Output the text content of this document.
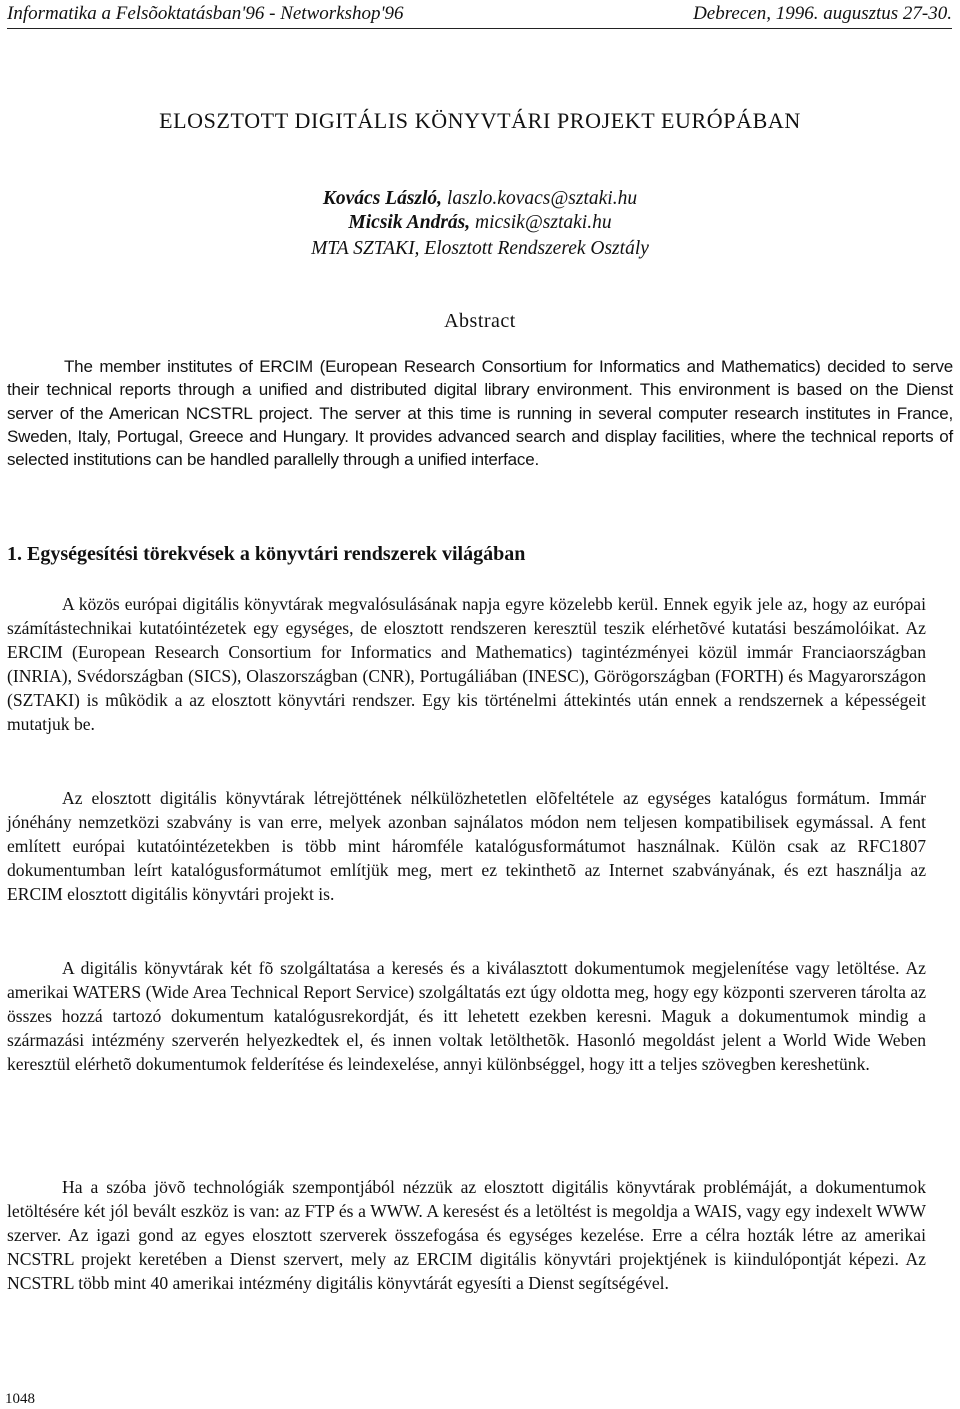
Informatika a Felsõoktatásban'96 - Networkshop'96	Debrecen, 1996. augusztus 27-30.
ELOSZTOTT DIGITÁLIS KÖNYVTÁRI PROJEKT EURÓPÁBAN
Kovács László, laszlo.kovacs@sztaki.hu
Micsik András, micsik@sztaki.hu
MTA SZTAKI, Elosztott Rendszerek Osztály
Abstract
The member institutes of ERCIM (European Research Consortium for Informatics and Mathematics) decided to serve their technical reports through a unified and distributed digital library environment. This environment is based on the Dienst server of the American NCSTRL project. The server at this time is running in several computer research institutes in France, Sweden, Italy, Portugal, Greece and Hungary. It provides advanced search and display facilities, where the technical reports of selected institutions can be handled parallelly through a unified interface.
1. Egységesítési törekvések a könyvtári rendszerek világában

A közös európai digitális könyvtárak megvalósulásának napja egyre közelebb kerül. Ennek egyik jele az, hogy az európai számítástechnikai kutatóintézetek egy egységes, de elosztott rendszeren keresztül teszik elérhetõvé kutatási beszámolóikat. Az ERCIM (European Research Consortium for Informatics and Mathematics) tagintézményei közül immár Franciaországban (INRIA), Svédországban (SICS), Olaszországban (CNR), Portugáliában (INESC), Görögországban (FORTH) és Magyarországon (SZTAKI) is mûködik a az elosztott könyvtári rendszer. Egy kis történelmi áttekintés után ennek a rendszernek a képességeit mutatjuk be.

Az elosztott digitális könyvtárak létrejöttének nélkülözhetetlen elõfeltétele az egységes katalógus formátum. Immár jónéhány nemzetközi szabvány is van erre, melyek azonban sajnálatos módon nem teljesen kompatibilisek egymással. A fent említett európai kutatóintézetekben is több mint háromféle katalógusformátumot használnak. Külön csak az RFC1807 dokumentumban leírt katalógusformátumot említjük meg, mert ez tekinthetõ az Internet szabványának, és ezt használja az ERCIM elosztott digitális könyvtári projekt is.

A digitális könyvtárak két fõ szolgáltatása a keresés és a kiválasztott dokumentumok megjelenítése vagy letöltése. Az amerikai WATERS (Wide Area Technical Report Service) szolgáltatás ezt úgy oldotta meg, hogy egy központi szerveren tárolta az összes hozzá tartozó dokumentum katalógusrekordját, és itt lehetett ezekben keresni. Maguk a dokumentumok mindig a származási intézmény szerverén helyezkedtek el, és innen voltak letölthetõk. Hasonló megoldást jelent a World Wide Weben keresztül elérhetõ dokumentumok felderítése és leindexelése, annyi különbséggel, hogy itt a teljes szövegben kereshetünk.

Ha a szóba jövõ technológiák szempontjából nézzük az elosztott digitális könyvtárak problémáját, a dokumentumok letöltésére két jól bevált eszköz is van: az FTP és a WWW. A keresést és a letöltést is megoldja a WAIS, vagy egy indexelt WWW szerver. Az igazi gond az egyes elosztott szerverek összefogása és egységes kezelése. Erre a célra hozták létre az amerikai NCSTRL projekt keretében a Dienst szervert, mely az ERCIM digitális könyvtári projektjének is kiindulópontját képezi. Az NCSTRL több mint 40 amerikai intézmény digitális könyvtárát egyesíti a Dienst segítségével.

1048
